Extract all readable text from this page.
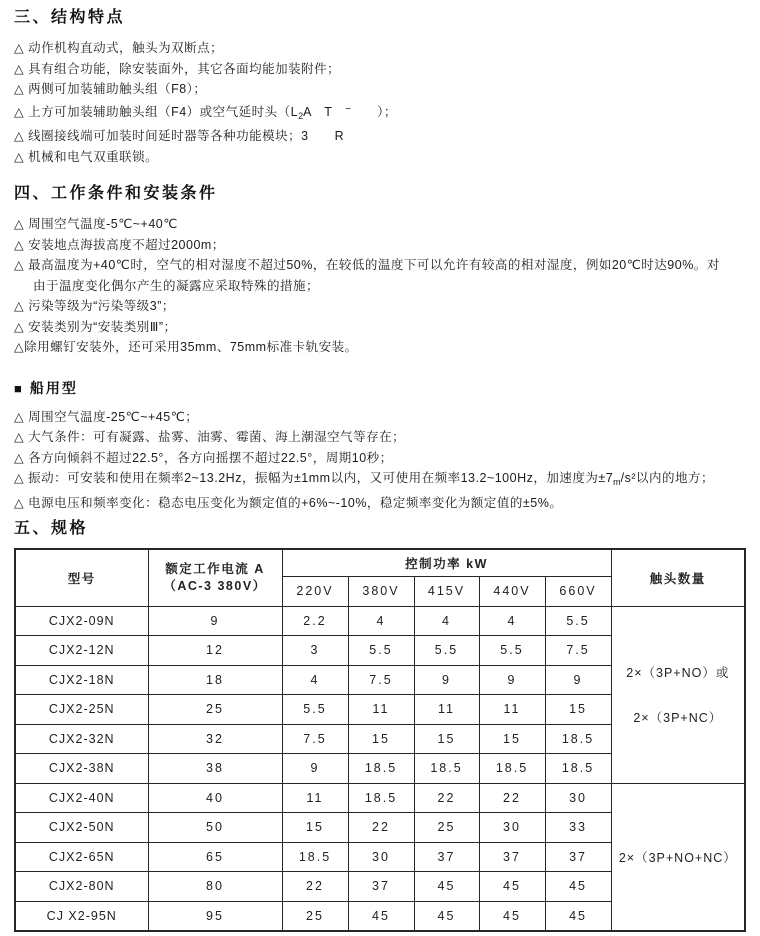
三、结构特点
△ 动作机构直动式，触头为双断点；
△ 具有组合功能，除安装面外，其它各面均能加装附件；
△ 两侧可加装辅助触头组（F8）；
△ 上方可加装辅助触头组（F4）或空气延时头（$L_2A$　T　−　　）；
△ 线圈接线端可加装时间延时器等各种功能模块；3　　 R
△ 机械和电气双重联锁。
四、工作条件和安装条件
△ 周围空气温度-5℃~+40℃
△ 安装地点海拔高度不超过2000m；
△ 最高温度为+40℃时，空气的相对湿度不超过50%，在较低的温度下可以允许有较高的相对湿度，例如20℃时达90%。对
由于温度变化偶尔产生的凝露应采取特殊的措施；
△ 污染等级为“污染等级3”；
△ 安装类别为“安装类别Ⅲ”；
△除用螺钉安装外，还可采用35mm、75mm标准卡轨安装。
■ 船用型
△ 周围空气温度-25℃~+45℃；
△ 大气条件：可有凝露、盐雾、油雾、霉菌、海上潮湿空气等存在；
△ 各方向倾斜不超过22.5°，各方向摇摆不超过22.5°，周期10秒；
△ 振动：可安装和使用在频率2~13.2Hz，振幅为±1mm以内，又可使用在频率13.2~100Hz，加速度为$\pm 7_m/s^2$以内的地方；
△ 电源电压和频率变化：稳态电压变化为额定值的+6%~-10%，稳定频率变化为额定值的±5%。
五、规格
型号	额定工作电流 A
（AC-3 380V）	控制功率 kW					触头数量
		220V	380V	415V	440V	660V	
CJX2-09N	9	2.2	4	4	4	5.5	2×（3P+NO）或
2×（3P+NC）

CJX2-12N	12	3	5.5	5.5	5.5	7.5	
CJX2-18N	18	4	7.5	9	9	9	
CJX2-25N	25	5.5	11	11	11	15	
CJX2-32N	32	7.5	15	15	15	18.5	
CJX2-38N	38	9	18.5	18.5	18.5	18.5	
CJX2-40N	40	11	18.5	22	22	30	2×（3P+NO+NC）

CJX2-50N	50	15	22	25	30	33	
CJX2-65N	65	18.5	30	37	37	37	
CJX2-80N	80	22	37	45	45	45	
CJ X2-95N	95	25	45	45	45	45	
